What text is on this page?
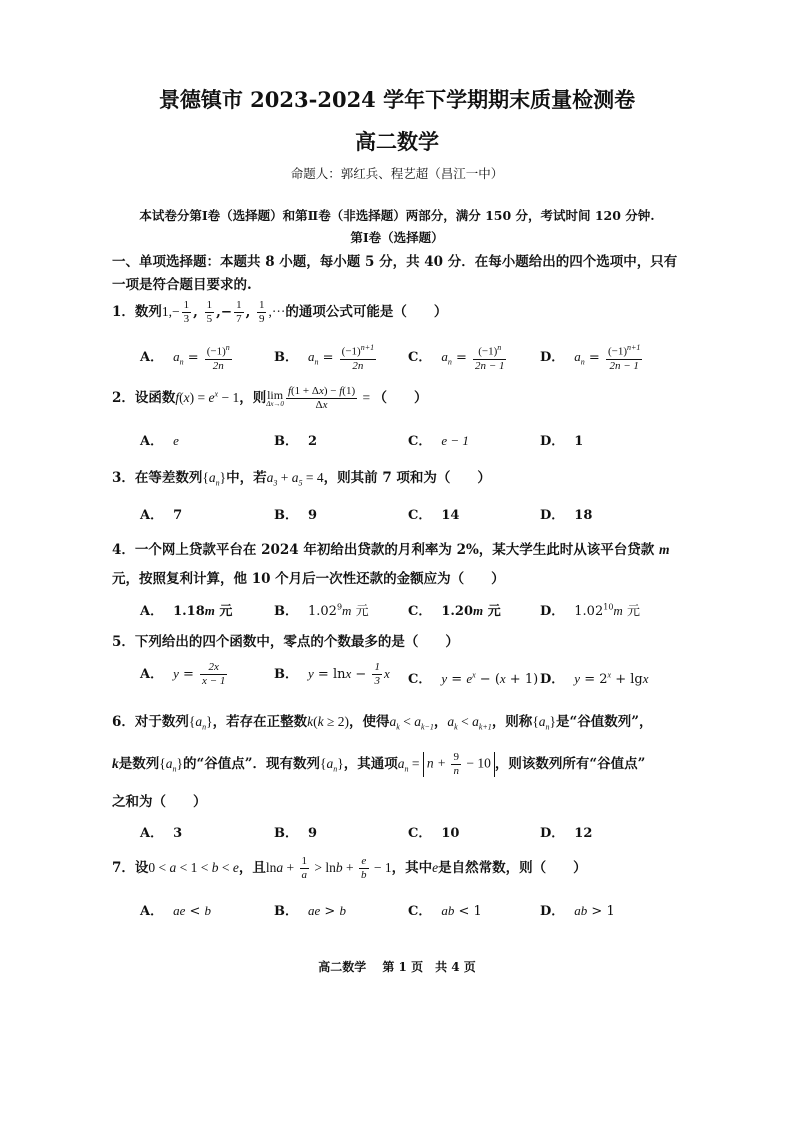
景德镇市 2023-2024 学年下学期期末质量检测卷
高二数学
命题人：郭红兵、程艺超（昌江一中）
本试卷分第Ⅰ卷（选择题）和第Ⅱ卷（非选择题）两部分，满分 150 分，考试时间 120 分钟.
第Ⅰ卷（选择题）
一、单项选择题：本题共 8 小题，每小题 5 分，共 40 分．在每小题给出的四个选项中，只有
一项是符合题目要求的.
1．数列$1,- \frac{1}{3}$ , $\frac{1}{5}$ ,− $\frac{1}{7}$ , $\frac{1}{9}$ ,···的通项公式可能是（　　）
A． $a_n = \frac{(-1)^n}{2n}$	B． $a_n = \frac{(-1)^{n+1}}{2n}$ C． $a_n = \frac{(-1)^n}{2n - 1}$	D． $a_n = \frac{(-1)^{n+1}}{2n - 1}$
2．设函数$f(x) = e^x - 1$，则 lim
$\Delta x\to 0 \frac{f(1 + \Delta x) - f(1)}{\Delta x}$ = （　　）
A． e	B． 2	C． e − 1	D． 1
3．在等差数列$\{a_n\}$中，若$a_3 + a_5 = 4$，则其前 7 项和为（　　）
A． 7	B． 9	C． 14	D． 18
4．一个网上贷款平台在 2024 年初给出贷款的月利率为 2%，某大学生此时从该平台贷款 m
元，按照复利计算，他 10 个月后一次性还款的金额应为（　　）
A． 1.18m 元	B． 1.02$^9$m 元	C． 1.20m 元	D． 1.02$^{10}$m 元
5．下列给出的四个函数中，零点的个数最多的是（　　）
A． $y = \frac{2x}{x - 1}$	B． $y = \ln x - \frac{1}{3}$ x C． $y = e^x - (x + 1)$ D． $y = 2^x + \lg x$
6．对于数列$\{a_n\}$，若存在正整数k(k ≥ 2)，使得$a_k < a_{k-1}$，$a_k < a_{k+1}$，则称$\{a_n\}$是“谷值数列”，
k是数列$\{a_n\}$的“谷值点”．现有数列$\{a_n\}$，其通项$a_n = n + \frac{9}{n} - 10$ ，则该数列所有“谷值点”
之和为（　　）
A． 3	B． 9	C． 10	D． 12
7．设0 < a < 1 < b < e，且$\ln a + \frac{1}{a} > \ln b + \frac{e}{b} - 1$，其中e是自然常数，则（　　）
A． ae < b	B． ae > b	C． ab < 1	D． ab > 1
高二数学　 第 1 页　共 4 页
